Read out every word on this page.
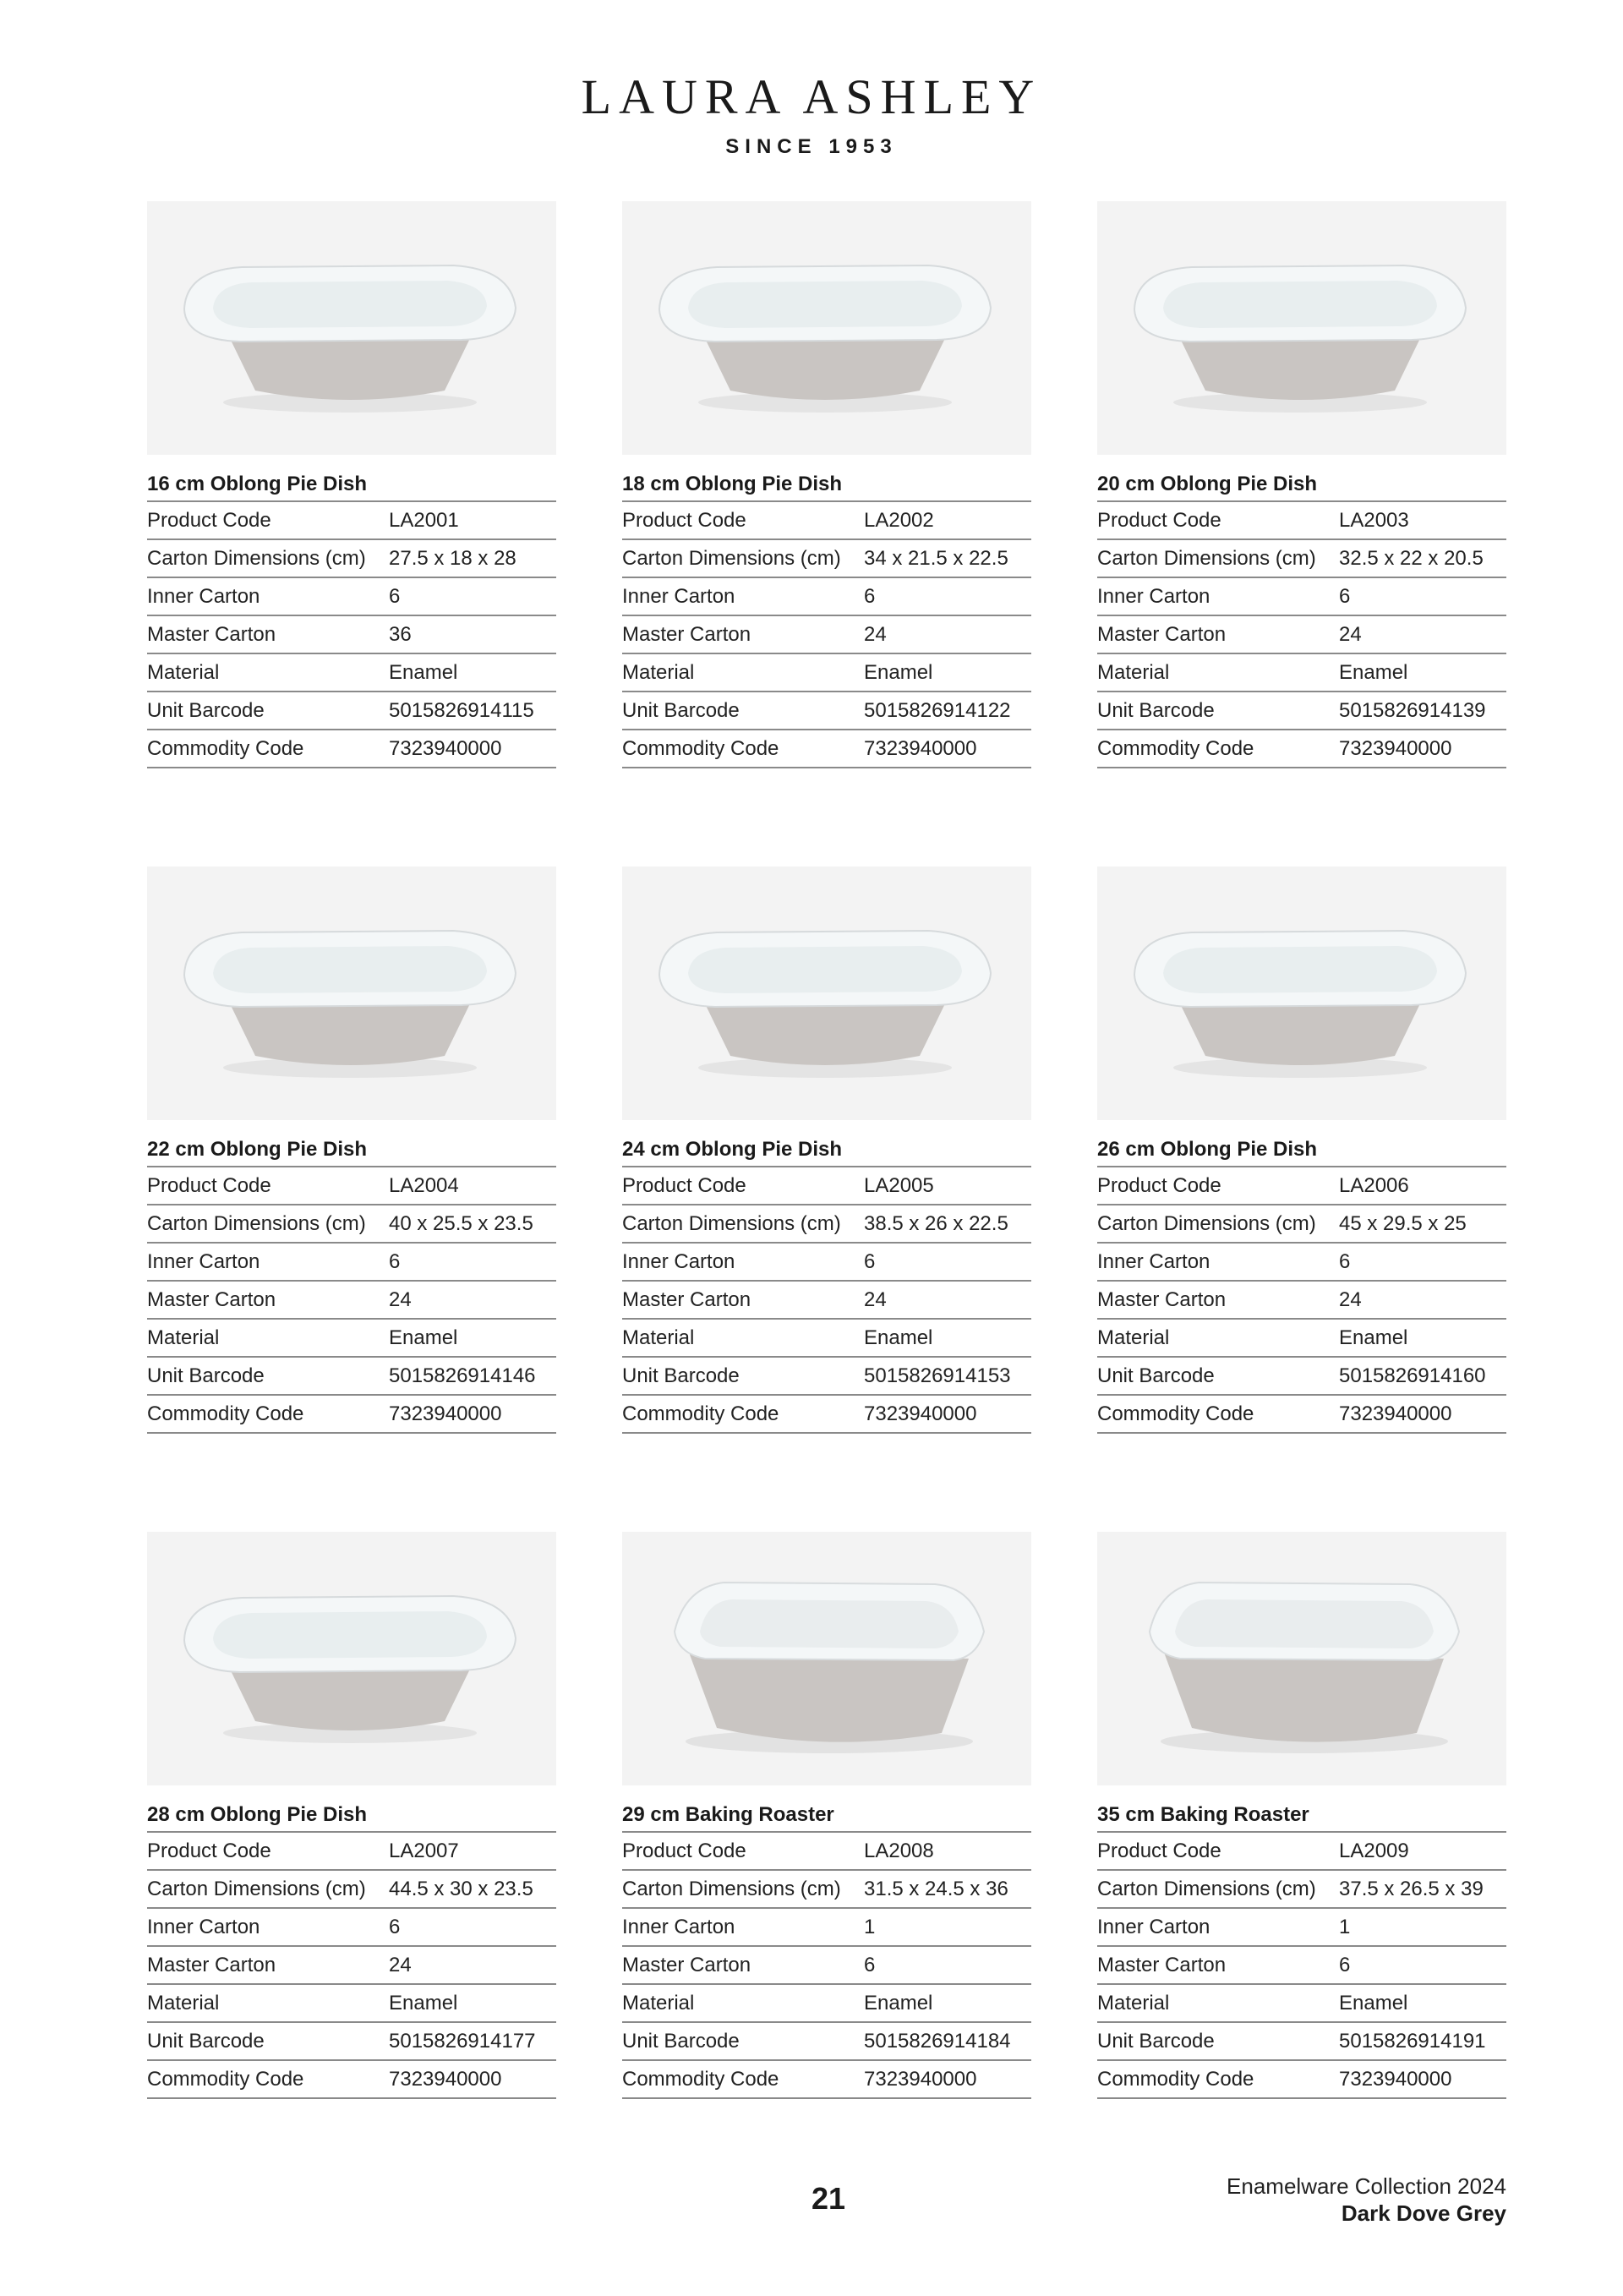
LAURA ASHLEY
SINCE 1953
16 cm Oblong Pie Dish
Product Code	LA2001
Carton Dimensions (cm)	27.5 x 18 x 28
Inner Carton	6
Master Carton	36
Material	Enamel
Unit Barcode	5015826914115
Commodity Code	7323940000
18 cm Oblong Pie Dish
Product Code	LA2002
Carton Dimensions (cm)	34 x 21.5 x 22.5
Inner Carton	6
Master Carton	24
Material	Enamel
Unit Barcode	5015826914122
Commodity Code	7323940000
20 cm Oblong Pie Dish
Product Code	LA2003
Carton Dimensions (cm)	32.5 x 22 x 20.5
Inner Carton	6
Master Carton	24
Material	Enamel
Unit Barcode	5015826914139
Commodity Code	7323940000
22 cm Oblong Pie Dish
Product Code	LA2004
Carton Dimensions (cm)	40 x 25.5 x 23.5
Inner Carton	6
Master Carton	24
Material	Enamel
Unit Barcode	5015826914146
Commodity Code	7323940000
24 cm Oblong Pie Dish
Product Code	LA2005
Carton Dimensions (cm)	38.5 x 26 x 22.5
Inner Carton	6
Master Carton	24
Material	Enamel
Unit Barcode	5015826914153
Commodity Code	7323940000
26 cm Oblong Pie Dish
Product Code	LA2006
Carton Dimensions (cm)	45 x 29.5 x 25
Inner Carton	6
Master Carton	24
Material	Enamel
Unit Barcode	5015826914160
Commodity Code	7323940000
28 cm Oblong Pie Dish
Product Code	LA2007
Carton Dimensions (cm)	44.5 x 30 x 23.5
Inner Carton	6
Master Carton	24
Material	Enamel
Unit Barcode	5015826914177
Commodity Code	7323940000
29 cm Baking Roaster
Product Code	LA2008
Carton Dimensions (cm)	31.5 x 24.5 x 36
Inner Carton	1
Master Carton	6
Material	Enamel
Unit Barcode	5015826914184
Commodity Code	7323940000
35 cm Baking Roaster
Product Code	LA2009
Carton Dimensions (cm)	37.5 x 26.5 x 39
Inner Carton	1
Master Carton	6
Material	Enamel
Unit Barcode	5015826914191
Commodity Code	7323940000
21	Enamelware Collection 2024
Dark Dove Grey
